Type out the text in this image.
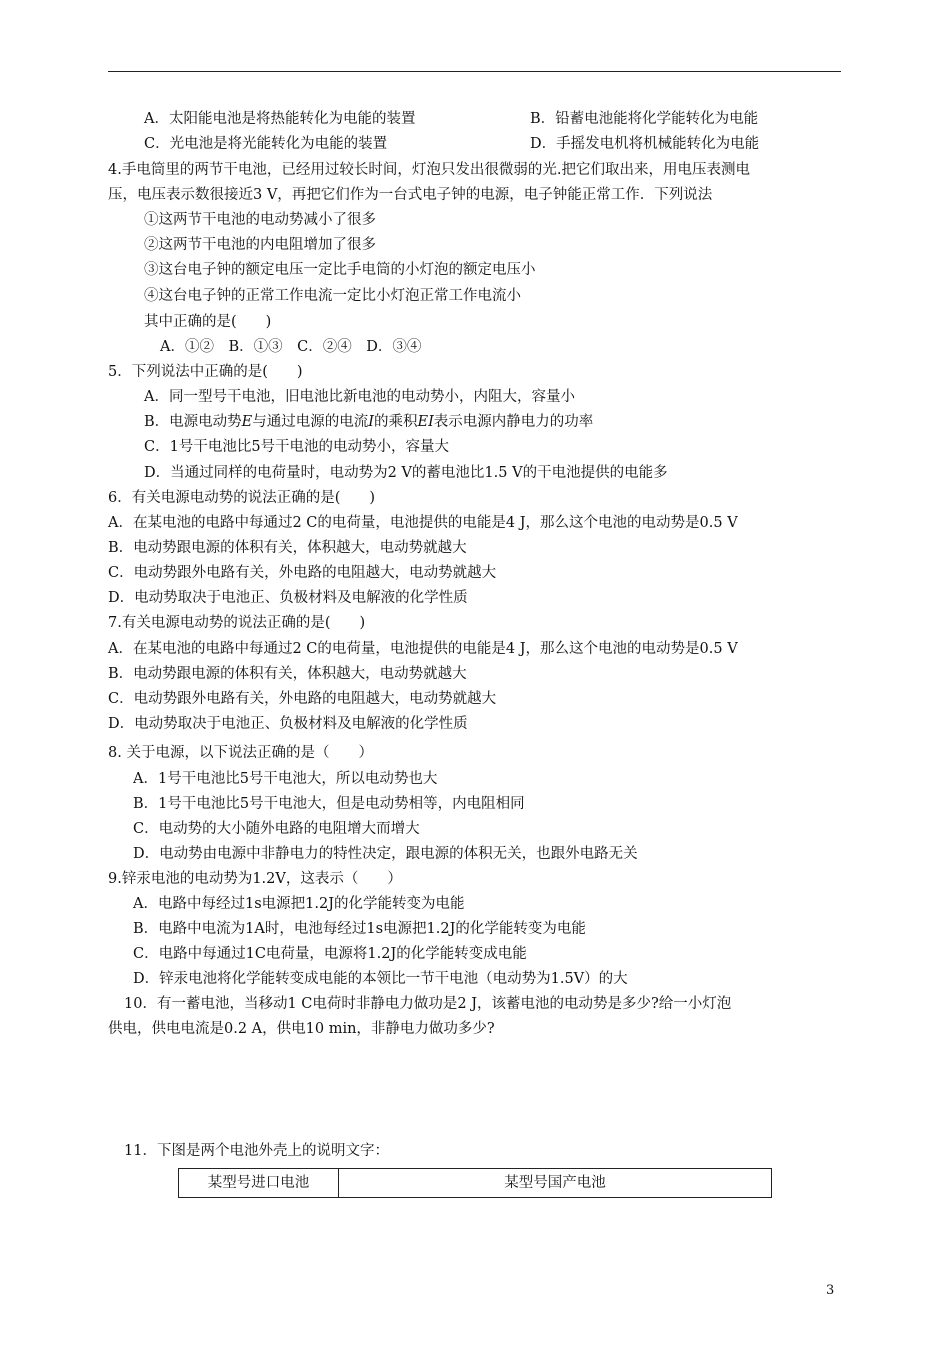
A．太阳能电池是将热能转化为电能的装置	B．铅蓄电池能将化学能转化为电能
C．光电池是将光能转化为电能的装置	D．手摇发电机将机械能转化为电能
4.手电筒里的两节干电池，已经用过较长时间，灯泡只发出很微弱的光.把它们取出来，用电压表测电
压，电压表示数很接近3 V，再把它们作为一台式电子钟的电源，电子钟能正常工作．下列说法
①这两节干电池的电动势减小了很多
②这两节干电池的内电阻增加了很多
③这台电子钟的额定电压一定比手电筒的小灯泡的额定电压小
④这台电子钟的正常工作电流一定比小灯泡正常工作电流小
其中正确的是(　　)
A．①②　B．①③　C．②④　D．③④
5．下列说法中正确的是(　　)
A．同一型号干电池，旧电池比新电池的电动势小，内阻大，容量小
B．电源电动势E与通过电源的电流I的乘积EI表示电源内静电力的功率
C．1号干电池比5号干电池的电动势小，容量大
D．当通过同样的电荷量时，电动势为2 V的蓄电池比1.5 V的干电池提供的电能多
6．有关电源电动势的说法正确的是(　　)
A．在某电池的电路中每通过2 C的电荷量，电池提供的电能是4 J，那么这个电池的电动势是0.5 V
B．电动势跟电源的体积有关，体积越大，电动势就越大
C．电动势跟外电路有关，外电路的电阻越大，电动势就越大
D．电动势取决于电池正、负极材料及电解液的化学性质
7.有关电源电动势的说法正确的是(　　)
A．在某电池的电路中每通过2 C的电荷量，电池提供的电能是4 J，那么这个电池的电动势是0.5 V
B．电动势跟电源的体积有关，体积越大，电动势就越大
C．电动势跟外电路有关，外电路的电阻越大，电动势就越大
D．电动势取决于电池正、负极材料及电解液的化学性质
8. 关于电源，以下说法正确的是（　　）
A．1号干电池比5号干电池大，所以电动势也大
B．1号干电池比5号干电池大，但是电动势相等，内电阻相同
C．电动势的大小随外电路的电阻增大而增大
D．电动势由电源中非静电力的特性决定，跟电源的体积无关，也跟外电路无关
9.锌汞电池的电动势为1.2V，这表示（　　）
A．电路中每经过1s电源把1.2J的化学能转变为电能
B．电路中电流为1A时，电池每经过1s电源把1.2J的化学能转变为电能
C．电路中每通过1C电荷量，电源将1.2J的化学能转变成电能
D．锌汞电池将化学能转变成电能的本领比一节干电池（电动势为1.5V）的大
10．有一蓄电池，当移动1 C电荷时非静电力做功是2 J，该蓄电池的电动势是多少?给一小灯泡
供电，供电电流是0.2 A，供电10 min，非静电力做功多少?
11．下图是两个电池外壳上的说明文字：
某型号进口电池	某型号国产电池
3
